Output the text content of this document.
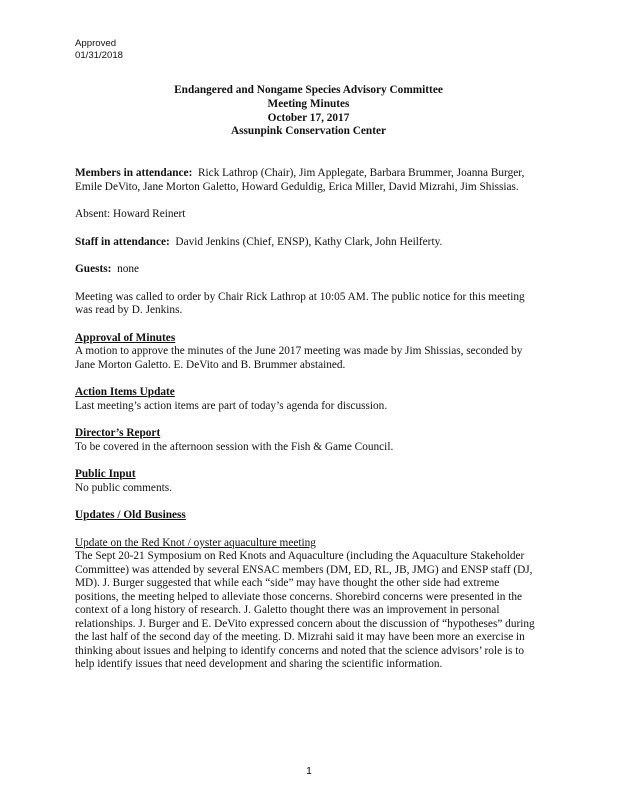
Approved
01/31/2018
Endangered and Nongame Species Advisory Committee
Meeting Minutes
October 17, 2017
Assunpink Conservation Center

Members in attendance: Rick Lathrop (Chair), Jim Applegate, Barbara Brummer, Joanna Burger, Emile DeVito, Jane Morton Galetto, Howard Geduldig, Erica Miller, David Mizrahi, Jim Shissias.

Absent: Howard Reinert

Staff in attendance: David Jenkins (Chief, ENSP), Kathy Clark, John Heilferty.

Guests: none

Meeting was called to order by Chair Rick Lathrop at 10:05 AM. The public notice for this meeting was read by D. Jenkins.

Approval of Minutes

A motion to approve the minutes of the June 2017 meeting was made by Jim Shissias, seconded by Jane Morton Galetto. E. DeVito and B. Brummer abstained.

Action Items Update

Last meeting’s action items are part of today’s agenda for discussion.

Director’s Report

To be covered in the afternoon session with the Fish & Game Council.

Public Input

No public comments.

Updates / Old Business

Update on the Red Knot / oyster aquaculture meeting

The Sept 20-21 Symposium on Red Knots and Aquaculture (including the Aquaculture Stakeholder Committee) was attended by several ENSAC members (DM, ED, RL, JB, JMG) and ENSP staff (DJ, MD). J. Burger suggested that while each “side” may have thought the other side had extreme positions, the meeting helped to alleviate those concerns. Shorebird concerns were presented in the context of a long history of research. J. Galetto thought there was an improvement in personal relationships. J. Burger and E. DeVito expressed concern about the discussion of “hypotheses” during the last half of the second day of the meeting. D. Mizrahi said it may have been more an exercise in thinking about issues and helping to identify concerns and noted that the science advisors’ role is to help identify issues that need development and sharing the scientific information.

1
